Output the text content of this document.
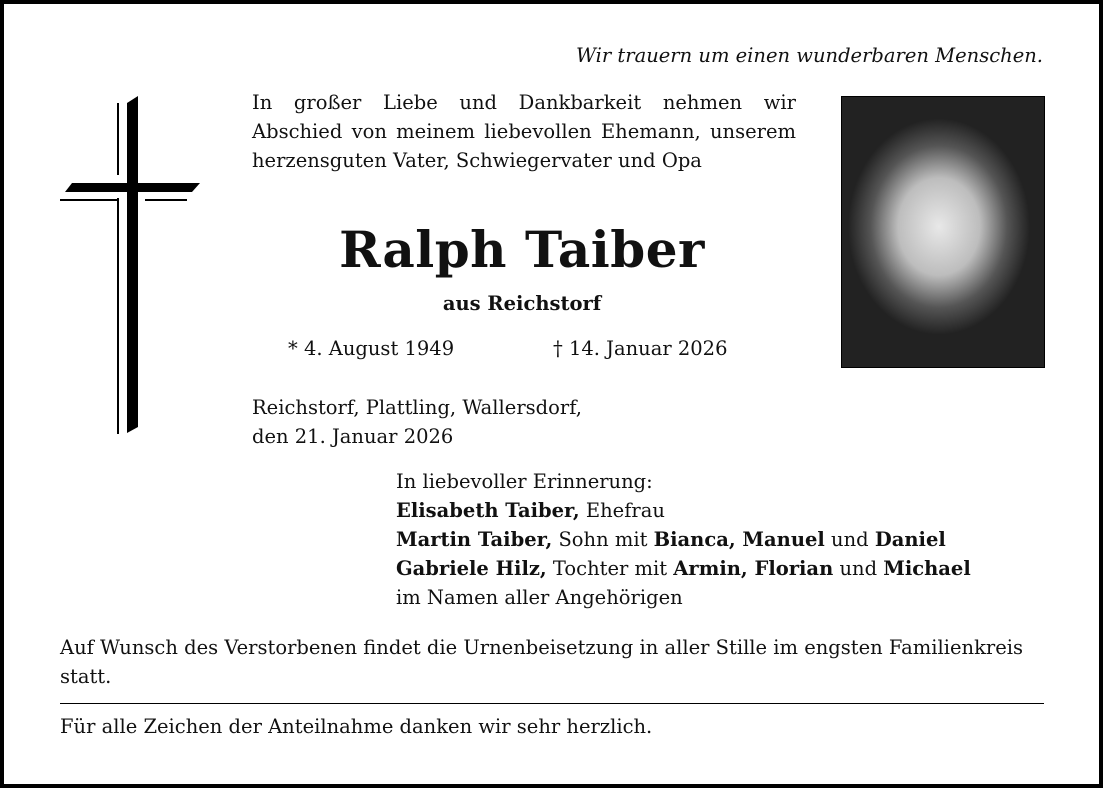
Wir trauern um einen wunderbaren Menschen.
In großer Liebe und Dankbarkeit nehmen wir Abschied von meinem liebevollen Ehemann, unserem herzensguten Vater, Schwiegervater und Opa
Ralph Taiber
aus Reichstorf
* 4. August 1949	† 14. Januar 2026
Reichstorf, Plattling, Wallersdorf,
den 21. Januar 2026
In liebevoller Erinnerung:
Elisabeth Taiber, Ehefrau
Martin Taiber, Sohn mit Bianca, Manuel und Daniel
Gabriele Hilz, Tochter mit Armin, Florian und Michael
im Namen aller Angehörigen
Auf Wunsch des Verstorbenen findet die Urnenbeisetzung in aller Stille im engsten Familienkreis statt.
Für alle Zeichen der Anteilnahme danken wir sehr herzlich.
